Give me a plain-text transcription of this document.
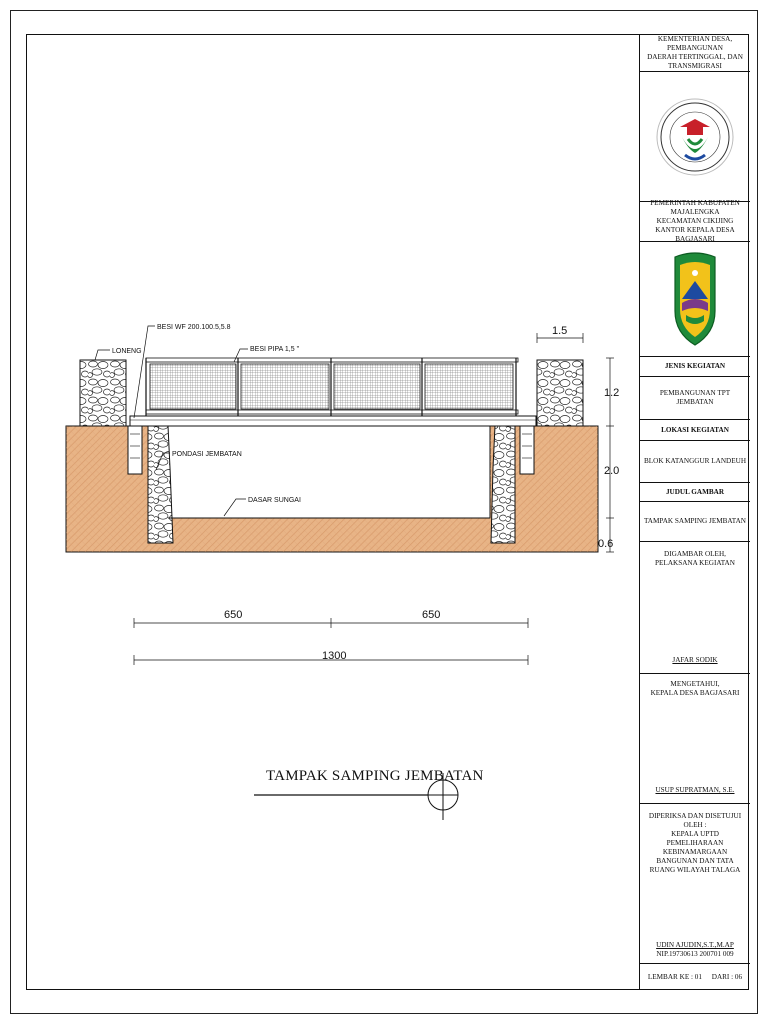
BESI WF 200.100.5,5.8
LONENG	BESI PIPA 1,5 "
PONDASI JEMBATAN
DASAR SUNGAI
1.5
1.2
2.0
0.6
650	650
1300
TAMPAK SAMPING JEMBATAN
KEMENTERIAN DESA, PEMBANGUNAN
DAERAH TERTINGGAL, DAN
TRANSMIGRASI
PEMERINTAH KABUPATEN MAJALENGKA
KECAMATAN CIKIJING
KANTOR KEPALA DESA BAGJASARI
JENIS KEGIATAN
PEMBANGUNAN TPT JEMBATAN
LOKASI KEGIATAN
BLOK KATANGGUR LANDEUH
JUDUL GAMBAR
TAMPAK SAMPING JEMBATAN
DIGAMBAR OLEH,
PELAKSANA KEGIATAN
JAFAR SODIK
MENGETAHUI,
KEPALA DESA BAGJASARI
USUP SUPRATMAN, S.E.
DIPERIKSA DAN DISETUJUI OLEH :
KEPALA UPTD PEMELIHARAAN
KEBINAMARGAAN BANGUNAN DAN TATA
RUANG WILAYAH TALAGA
UDIN AJUDIN,S.T.,M.AP
NIP.19730613 200701 009
LEMBAR KE : 01 DARI : 06
